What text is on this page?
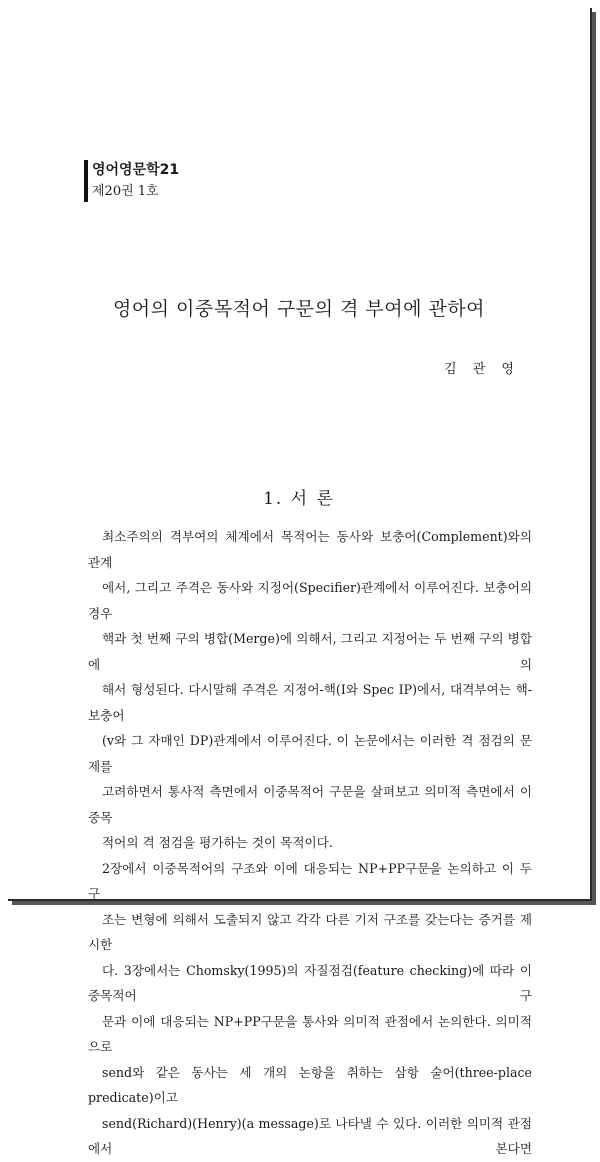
영어영문학21
제20권 1호
영어의 이중목적어 구문의 격 부여에 관하여
김 관 영
1. 서 론

최소주의의 격부여의 체계에서 목적어는 동사와 보충어(Complement)와의 관계
에서, 그리고 주격은 동사와 지정어(Specifier)관계에서 이루어진다. 보충어의 경우
핵과 첫 번째 구의 병합(Merge)에 의해서, 그리고 지정어는 두 번째 구의 병합에 의
해서 형성된다. 다시말해 주격은 지정어-핵(I와 Spec IP)에서, 대격부여는 핵-보충어
(v와 그 자매인 DP)관계에서 이루어진다. 이 논문에서는 이러한 격 점검의 문제를
고려하면서 통사적 측면에서 이중목적어 구문을 살펴보고 의미적 측면에서 이중목
적어의 격 점검을 평가하는 것이 목적이다.

2장에서 이중목적어의 구조와 이에 대응되는 NP+PP구문을 논의하고 이 두 구
조는 변형에 의해서 도출되지 않고 각각 다른 기저 구조를 갖는다는 증거를 제시한
다. 3장에서는 Chomsky(1995)의 자질점검(feature checking)에 따라 이중목적어 구
문과 이에 대응되는 NP+PP구문을 통사와 의미적 관점에서 논의한다. 의미적으로
send와 같은 동사는 세 개의 논항을 취하는 삼항 술어(three-place predicate)이고
send(Richard)(Henry)(a message)로 나타낼 수 있다. 이러한 의미적 관점에서 본다면
